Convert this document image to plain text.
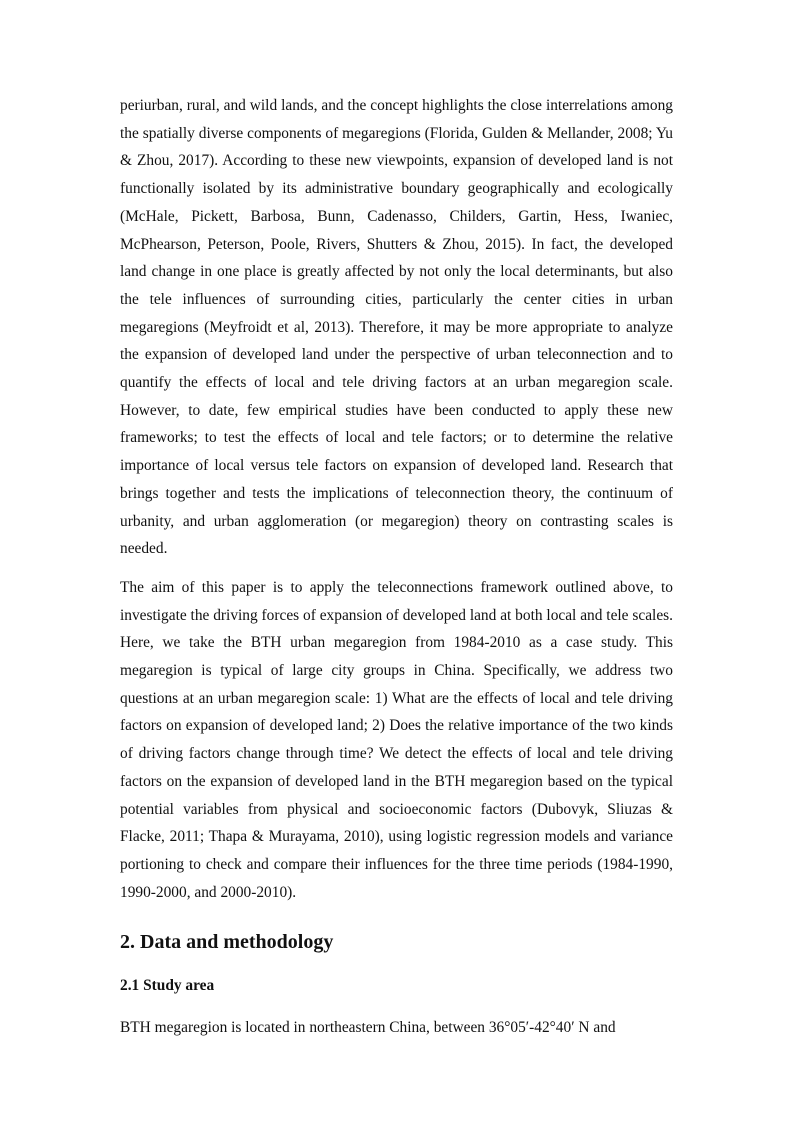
periurban, rural, and wild lands, and the concept highlights the close interrelations among the spatially diverse components of megaregions (Florida, Gulden & Mellander, 2008; Yu & Zhou, 2017). According to these new viewpoints, expansion of developed land is not functionally isolated by its administrative boundary geographically and ecologically (McHale, Pickett, Barbosa, Bunn, Cadenasso, Childers, Gartin, Hess, Iwaniec, McPhearson, Peterson, Poole, Rivers, Shutters & Zhou, 2015). In fact, the developed land change in one place is greatly affected by not only the local determinants, but also the tele influences of surrounding cities, particularly the center cities in urban megaregions (Meyfroidt et al, 2013). Therefore, it may be more appropriate to analyze the expansion of developed land under the perspective of urban teleconnection and to quantify the effects of local and tele driving factors at an urban megaregion scale. However, to date, few empirical studies have been conducted to apply these new frameworks; to test the effects of local and tele factors; or to determine the relative importance of local versus tele factors on expansion of developed land. Research that brings together and tests the implications of teleconnection theory, the continuum of urbanity, and urban agglomeration (or megaregion) theory on contrasting scales is needed.

The aim of this paper is to apply the teleconnections framework outlined above, to investigate the driving forces of expansion of developed land at both local and tele scales. Here, we take the BTH urban megaregion from 1984-2010 as a case study. This megaregion is typical of large city groups in China. Specifically, we address two questions at an urban megaregion scale: 1) What are the effects of local and tele driving factors on expansion of developed land; 2) Does the relative importance of the two kinds of driving factors change through time? We detect the effects of local and tele driving factors on the expansion of developed land in the BTH megaregion based on the typical potential variables from physical and socioeconomic factors (Dubovyk, Sliuzas & Flacke, 2011; Thapa & Murayama, 2010), using logistic regression models and variance portioning to check and compare their influences for the three time periods (1984-1990, 1990-2000, and 2000-2010).

2. Data and methodology
2.1 Study area

BTH megaregion is located in northeastern China, between 36°05′-42°40′ N and
